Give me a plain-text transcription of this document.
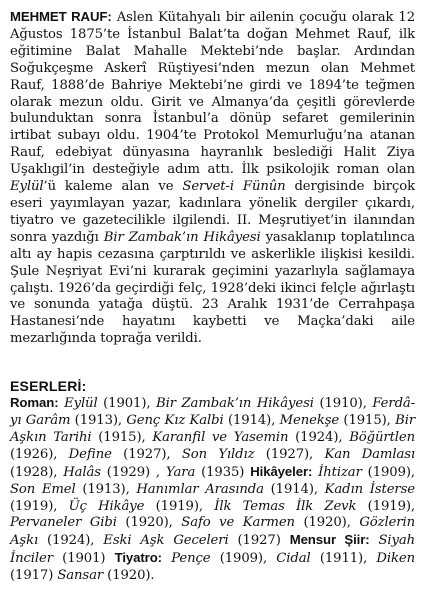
MEHMET RAUF: Aslen Kütahyalı bir ailenin çocuğu olarak 12 Ağustos 1875’te İstanbul Balat’ta doğan Mehmet Rauf, ilk eğitimine Balat Mahalle Mektebi’nde başlar. Ardından Soğukçeşme Askerî Rüştiyesi’nden mezun olan Mehmet Rauf, 1888’de Bahriye Mektebi’ne girdi ve 1894’te teğmen olarak mezun oldu. Girit ve Almanya’da çeşitli görevlerde bulunduktan sonra İstanbul’a dönüp sefaret gemilerinin irtibat subayı oldu. 1904’te Protokol Memurluğu’na atanan Rauf, edebiyat dünyasına hayranlık beslediği Halit Ziya Uşaklıgil’in desteğiyle adım attı. İlk psikolojik roman olan Eylül’ü kaleme alan ve Servet-i Fünûn dergisinde birçok eseri yayımlayan yazar, kadınlara yönelik dergiler çıkardı, tiyatro ve gazetecilikle ilgilendi. II. Meşrutiyet’in ilanından sonra yazdığı Bir Zambak’ın Hikâyesi yasaklanıp toplatılınca altı ay hapis cezasına çarptırıldı ve askerlikle ilişkisi kesildi. Şule Neşriyat Evi’ni kurarak geçimini yazarlıyla sağlamaya çalıştı. 1926’da geçirdiği felç, 1928’deki ikinci felçle ağırlaştı ve sonunda yatağa düştü. 23 Aralık 1931’de Cerrahpaşa Hastanesi’nde hayatını kaybetti ve Maçka’daki aile mezarlığında toprağa verildi.

ESERLERİ:

Roman: Eylül (1901), Bir Zambak’ın Hikâyesi (1910), Ferdâ-yı Garâm (1913), Genç Kız Kalbi (1914), Menekşe (1915), Bir Aşkın Tarihi (1915), Karanfil ve Yasemin (1924), Böğürtlen (1926), Define (1927), Son Yıldız (1927), Kan Damlası (1928), Halâs (1929) , Yara (1935) Hikâyeler: İhtizar (1909), Son Emel (1913), Hanımlar Arasında (1914), Kadın İsterse (1919), Üç Hikâye (1919), İlk Temas İlk Zevk (1919), Pervaneler Gibi (1920), Safo ve Karmen (1920), Gözlerin Aşkı (1924), Eski Aşk Geceleri (1927) Mensur Şiir: Siyah İnciler (1901) Tiyatro: Pençe (1909), Cidal (1911), Diken (1917) Sansar (1920).
